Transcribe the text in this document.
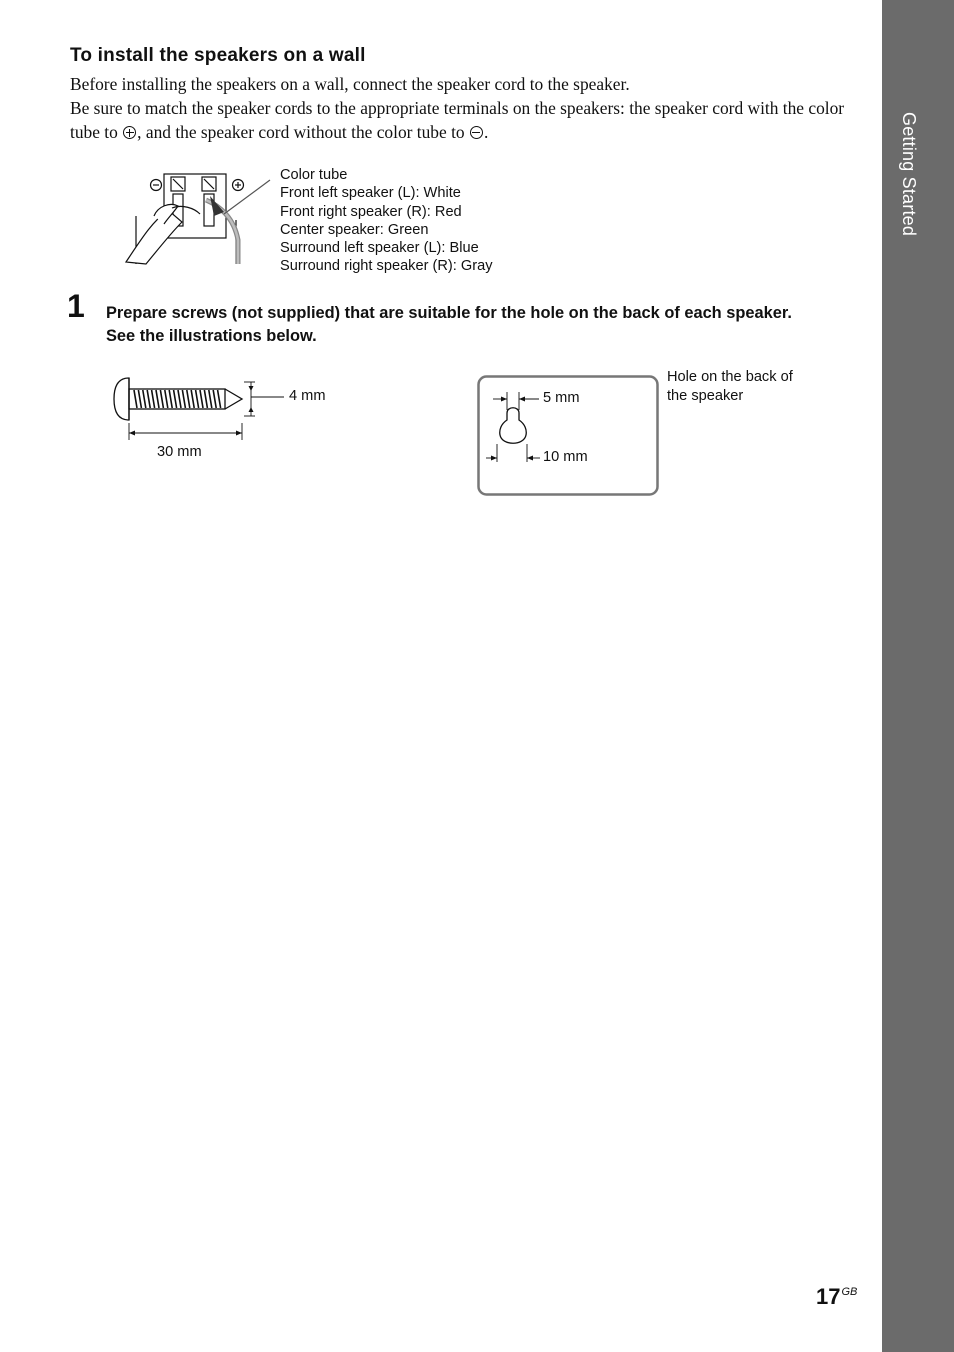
Getting Started
To install the speakers on a wall

Before installing the speakers on a wall, connect the speaker cord to the speaker.

Be sure to match the speaker cords to the appropriate terminals on the speakers: the speaker cord with the color tube to , and the speaker cord without the color tube to .

Color tube
Front left speaker (L): White
Front right speaker (R): Red
Center speaker: Green
Surround left speaker (L): Blue
Surround right speaker (R): Gray
1 Prepare screws (not supplied) that are suitable for the hole on the back of each speaker.
See the illustrations below.
4 mm
30 mm
5 mm
10 mm
Hole on the back of
the speaker
$17^{GB}$
